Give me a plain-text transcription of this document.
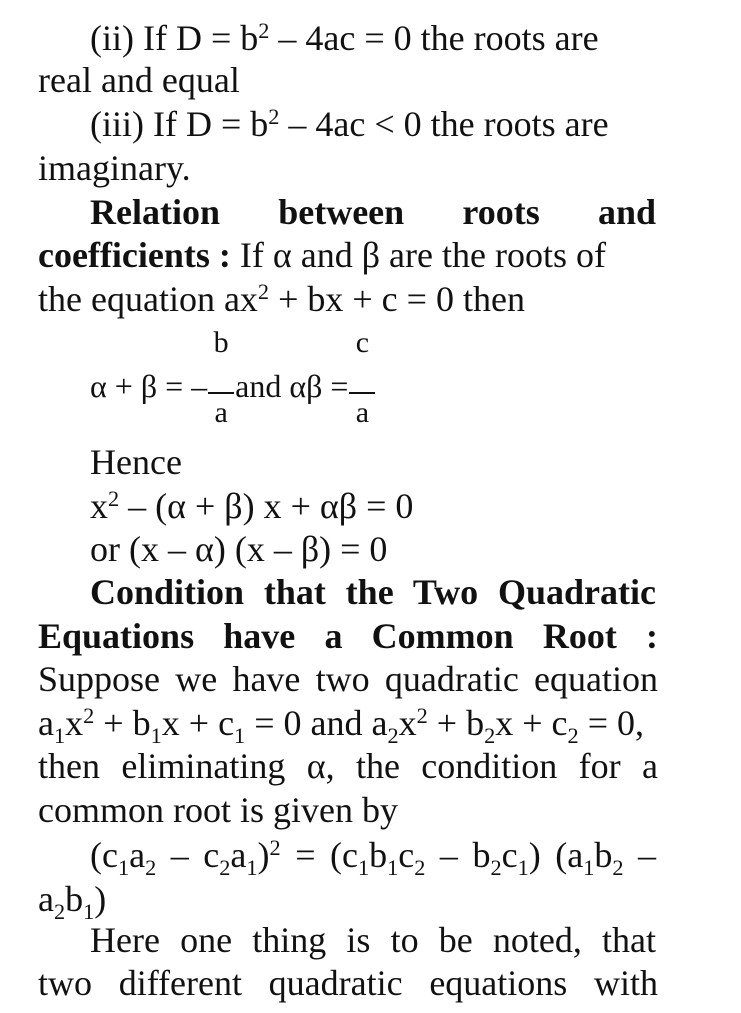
(ii) If $D = b^2 - 4ac = 0$ the roots are
real and equal
(iii) If $D = b^2 - 4ac < 0$ the roots are
imaginary.
Relation between roots and
coefficients : If α and β are the roots of
the equation $ax^2$ + bx + c = 0 then
α + β = – $\frac{b}{a}$ and $\alpha\beta = \frac{c}{a}$
Hence
$x^2 - (\alpha + \beta) x + \alpha\beta = 0$
or (x – α) (x – β) = 0
Condition that the Two Quadratic
Equations have a Common Root :
Suppose we have two quadratic equation
$a_1x^2 + b_1x + c_1 = 0$ and $a_2x^2 + b_2x + c_2 = 0$,
then eliminating α, the condition for a
common root is given by
$(c_1a_2 - c_2a_1)^2 = (c_1b_1c_2 - b_2c_1)$ ($a_1b_2$ –
$a_2b_1$)
Here one thing is to be noted, that
two different quadratic equations with
